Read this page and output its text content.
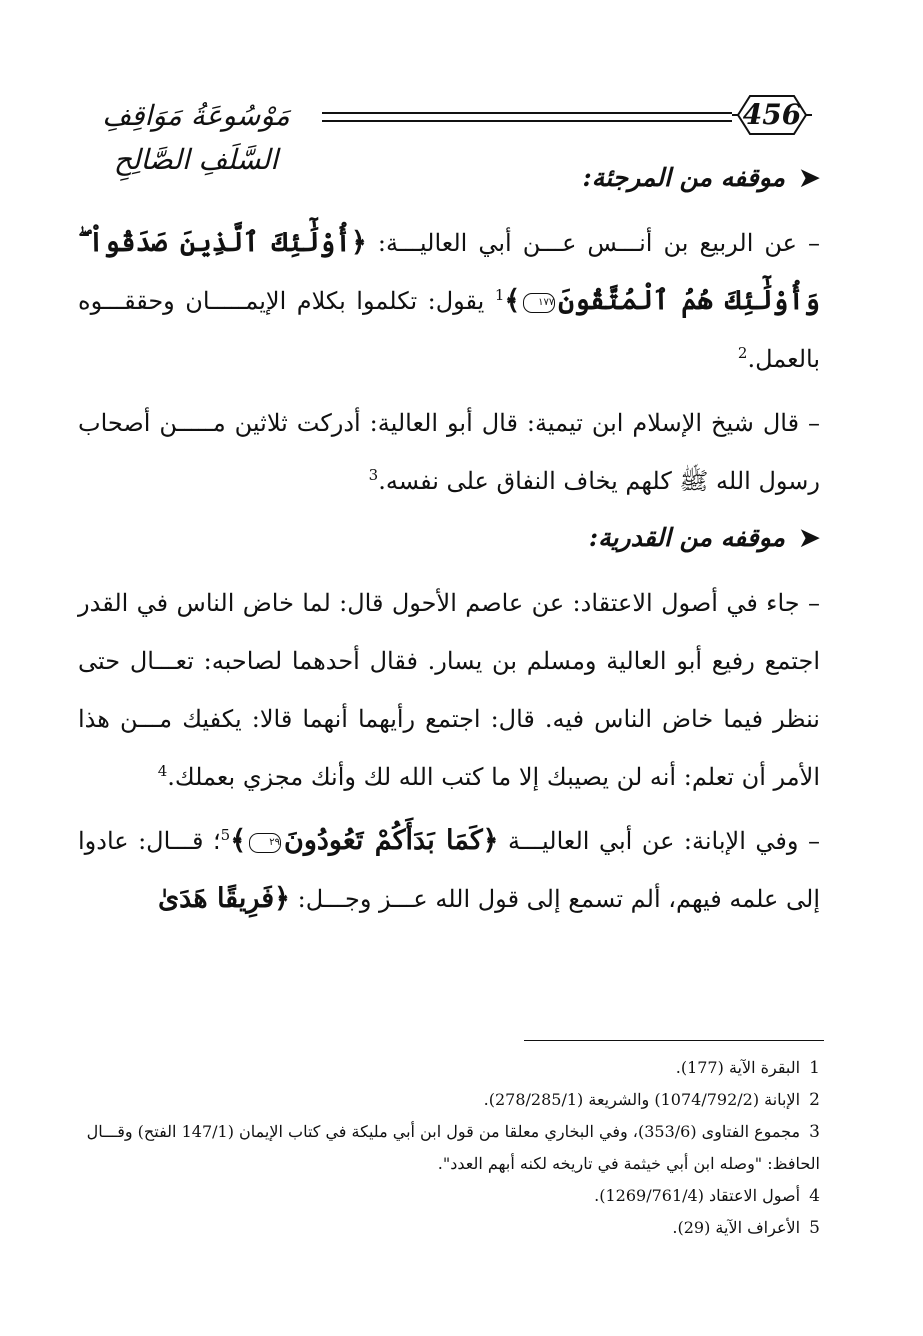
مَوْسُوعَةُ مَوَاقِفِ السَّلَفِ الصَّالِحِ
456
➤موقفه من المرجئة:

– عن الربيع بن أنـــس عـــن أبي العاليـــة: ﴿أُوْلَٰٓئِكَ ٱلَّذِينَ صَدَقُواْ ۖ وَأُوْلَٰٓئِكَ هُمُ ٱلْمُتَّقُونَ١٧٧﴾$^1$ يقول: تكلموا بكلام الإيمـــــان وحققـــوه بالعمل.$^2$

– قال شيخ الإسلام ابن تيمية: قال أبو العالية: أدركت ثلاثين مـــــن أصحاب رسول الله ﷺ كلهم يخاف النفاق على نفسه.$^3$

➤موقفه من القدرية:

– جاء في أصول الاعتقاد: عن عاصم الأحول قال: لما خاض الناس في القدر اجتمع رفيع أبو العالية ومسلم بن يسار. فقال أحدهما لصاحبه: تعـــال حتى ننظر فيما خاض الناس فيه. قال: اجتمع رأيهما أنهما قالا: يكفيك مـــن هذا الأمر أن تعلم: أنه لن يصيبك إلا ما كتب الله لك وأنك مجزي بعملك.$^4$

– وفي الإبانة: عن أبي العاليـــة ﴿كَمَا بَدَأَكُمْ تَعُودُونَ٢٩﴾$^5$؛ قـــال: عادوا إلى علمه فيهم، ألم تسمع إلى قول الله عـــز وجـــل: ﴿فَرِيقًا هَدَىٰ

1 البقرة الآية (177).

2 الإبانة (1074/792/2) والشريعة (278/285/1).

3 مجموع الفتاوى (353/6)، وفي البخاري معلقا من قول ابن أبي مليكة في كتاب الإيمان (147/1 الفتح) وقـــال الحافظ: "وصله ابن أبي خيثمة في تاريخه لكنه أبهم العدد".

4 أصول الاعتقاد (1269/761/4).

5 الأعراف الآية (29).
